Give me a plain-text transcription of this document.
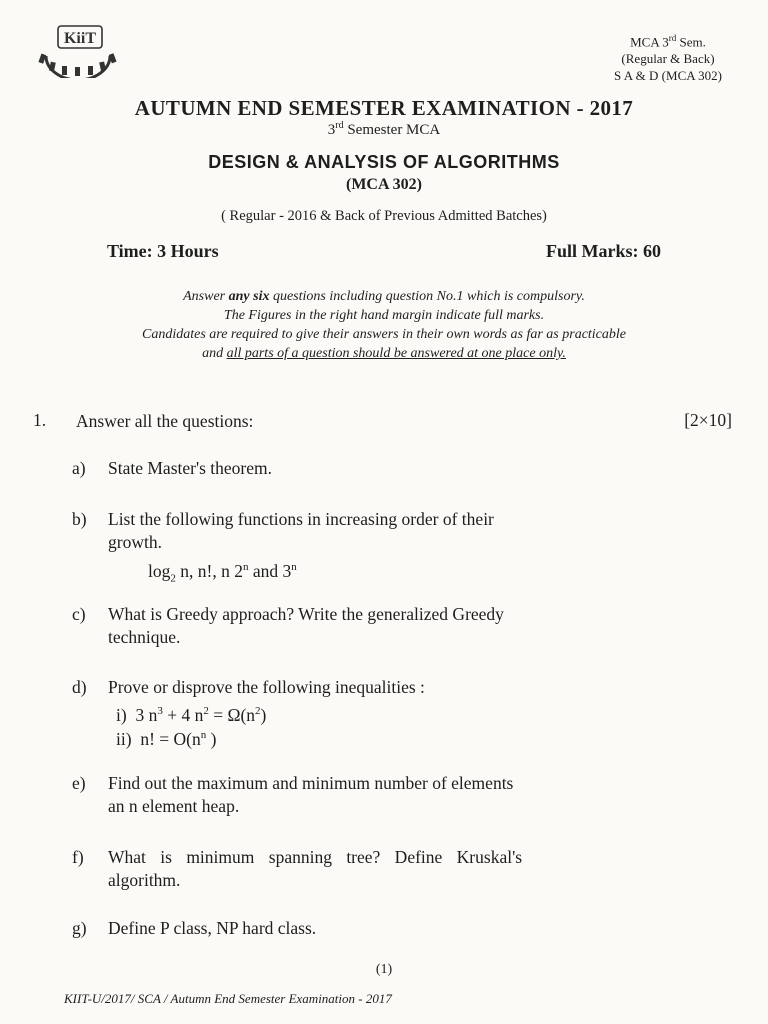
KiiT	MCA 3rd Sem.
(Regular & Back)
S A & D (MCA 302)
AUTUMN END SEMESTER EXAMINATION - 2017
3rd Semester MCA
DESIGN & ANALYSIS OF ALGORITHMS
(MCA 302)
( Regular - 2016 & Back of Previous Admitted Batches)
Time: 3 Hours	Full Marks: 60
Answer any six questions including question No.1 which is compulsory.
The Figures in the right hand margin indicate full marks.
Candidates are required to give their answers in their own words as far as practicable
and all parts of a question should be answered at one place only.
1. Answer all the questions:	[2×10]
a) State Master's theorem.
b) List the following functions in increasing order of their
growth.
$\log_2 n$, n!, n 2$^n$ and 3$^n$
c) What is Greedy approach? Write the generalized Greedy
technique.
d) Prove or disprove the following inequalities :
i) 3 $n^3 + 4$ $n^2 = \Omega(n^2)$
ii) n! = $O(n^n$ )
e) Find out the maximum and minimum number of elements
an n element heap.
f) What is minimum spanning tree? Define Kruskal's
algorithm.
g) Define P class, NP hard class.
(1)
KIIT-U/2017/ SCA / Autumn End Semester Examination - 2017
